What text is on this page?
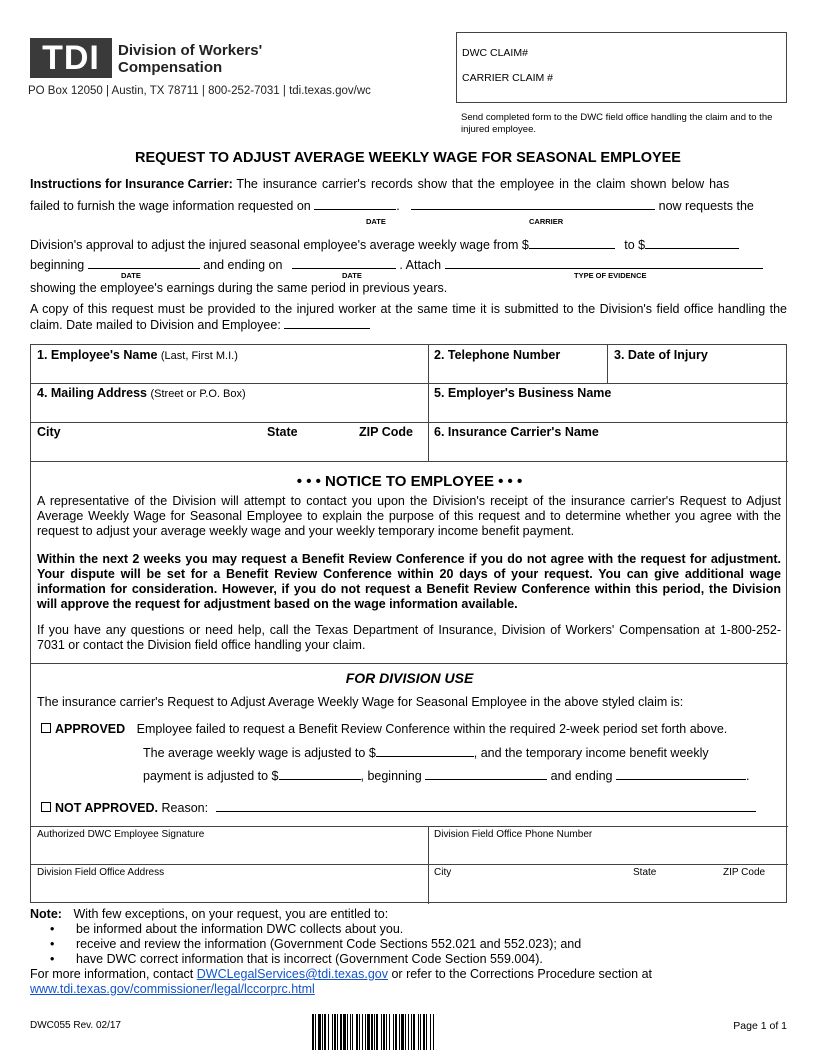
TDI	Division of Workers'
Compensation
PO Box 12050 | Austin, TX 78711 | 800-252-7031 | tdi.texas.gov/wc
DWC CLAIM#
CARRIER CLAIM #
Send completed form to the DWC field office handling the claim and to the injured employee.
REQUEST TO ADJUST AVERAGE WEEKLY WAGE FOR SEASONAL EMPLOYEE
Instructions for Insurance Carrier: The insurance carrier's records show that the employee in the claim shown below has
failed to furnish the wage information requested on	.	now requests the
DATE	CARRIER
Division's approval to adjust the injured seasonal employee's average weekly wage from $	to $
beginning	and ending on	. Attach
DATE	DATE	TYPE OF EVIDENCE
showing the employee's earnings during the same period in previous years.
A copy of this request must be provided to the injured worker at the same time it is submitted to the Division's field office handling the claim. Date mailed to Division and Employee:
1. Employee's Name (Last, First M.I.)	2. Telephone Number	3. Date of Injury
4. Mailing Address (Street or P.O. Box)	5. Employer's Business Name
City	State	ZIP Code 6. Insurance Carrier's Name
• • • NOTICE TO EMPLOYEE • • •
A representative of the Division will attempt to contact you upon the Division's receipt of the insurance carrier's Request to Adjust Average Weekly Wage for Seasonal Employee to explain the purpose of this request and to determine whether you agree with the request to adjust your average weekly wage and your weekly temporary income benefit payment.
Within the next 2 weeks you may request a Benefit Review Conference if you do not agree with the request for adjustment. Your dispute will be set for a Benefit Review Conference within 20 days of your request. You can give additional wage information for consideration. However, if you do not request a Benefit Review Conference within this period, the Division will approve the request for adjustment based on the wage information available.
If you have any questions or need help, call the Texas Department of Insurance, Division of Workers' Compensation at 1-800-252-7031 or contact the Division field office handling your claim.
FOR DIVISION USE
The insurance carrier's Request to Adjust Average Weekly Wage for Seasonal Employee in the above styled claim is:
APPROVED Employee failed to request a Benefit Review Conference within the required 2-week period set forth above.
The average weekly wage is adjusted to $	, and the temporary income benefit weekly
payment is adjusted to $	, beginning	and ending	.
NOT APPROVED. Reason:
Authorized DWC Employee Signature	Division Field Office Phone Number
Division Field Office Address	City	State	ZIP Code
Note: With few exceptions, on your request, you are entitled to:
• be informed about the information DWC collects about you.
• receive and review the information (Government Code Sections 552.021 and 552.023); and
• have DWC correct information that is incorrect (Government Code Section 559.004).
For more information, contact DWCLegalServices@tdi.texas.gov or refer to the Corrections Procedure section at
www.tdi.texas.gov/commissioner/legal/lccorprc.html
DWC055 Rev. 02/17	Page 1 of 1
